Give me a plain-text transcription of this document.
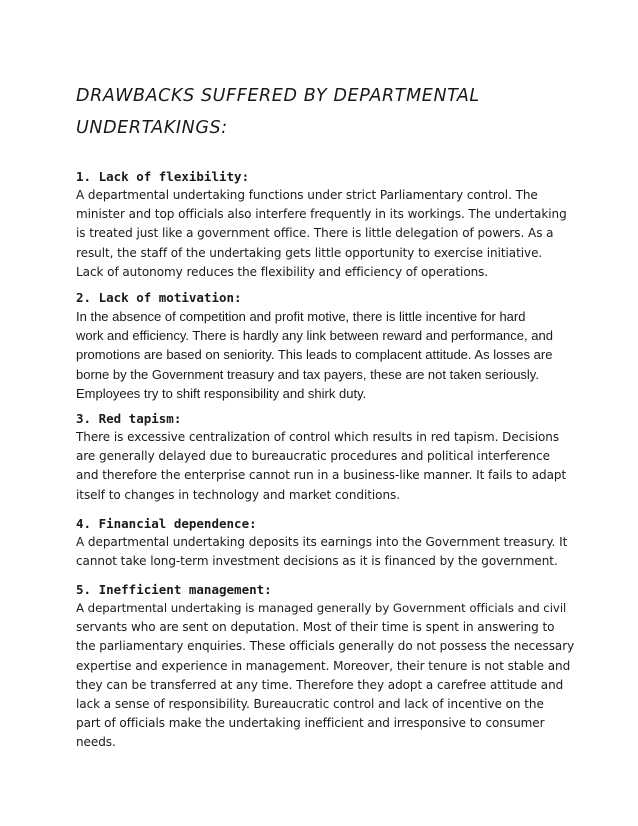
DRAWBACKS SUFFERED BY DEPARTMENTAL
UNDERTAKINGS:

1. Lack of flexibility:

A departmental undertaking functions under strict Parliamentary control. The
minister and top officials also interfere frequently in its workings. The undertaking
is treated just like a government office. There is little delegation of powers. As a
result, the staff of the undertaking gets little opportunity to exercise initiative.
Lack of autonomy reduces the flexibility and efficiency of operations.

2. Lack of motivation:

In the absence of competition and profit motive, there is little incentive for hard
work and efficiency. There is hardly any link between reward and performance, and
promotions are based on seniority. This leads to complacent attitude. As losses are
borne by the Government treasury and tax payers, these are not taken seriously.
Employees try to shift responsibility and shirk duty.

3. Red tapism:

There is excessive centralization of control which results in red tapism. Decisions
are generally delayed due to bureaucratic procedures and political interference
and therefore the enterprise cannot run in a business-like manner. It fails to adapt
itself to changes in technology and market conditions.

4. Financial dependence:

A departmental undertaking deposits its earnings into the Government treasury. It
cannot take long-term investment decisions as it is financed by the government.

5. Inefficient management:

A departmental undertaking is managed generally by Government officials and civil
servants who are sent on deputation. Most of their time is spent in answering to
the parliamentary enquiries. These officials generally do not possess the necessary
expertise and experience in management. Moreover, their tenure is not stable and
they can be transferred at any time. Therefore they adopt a carefree attitude and
lack a sense of responsibility. Bureaucratic control and lack of incentive on the
part of officials make the undertaking inefficient and irresponsive to consumer
needs.
